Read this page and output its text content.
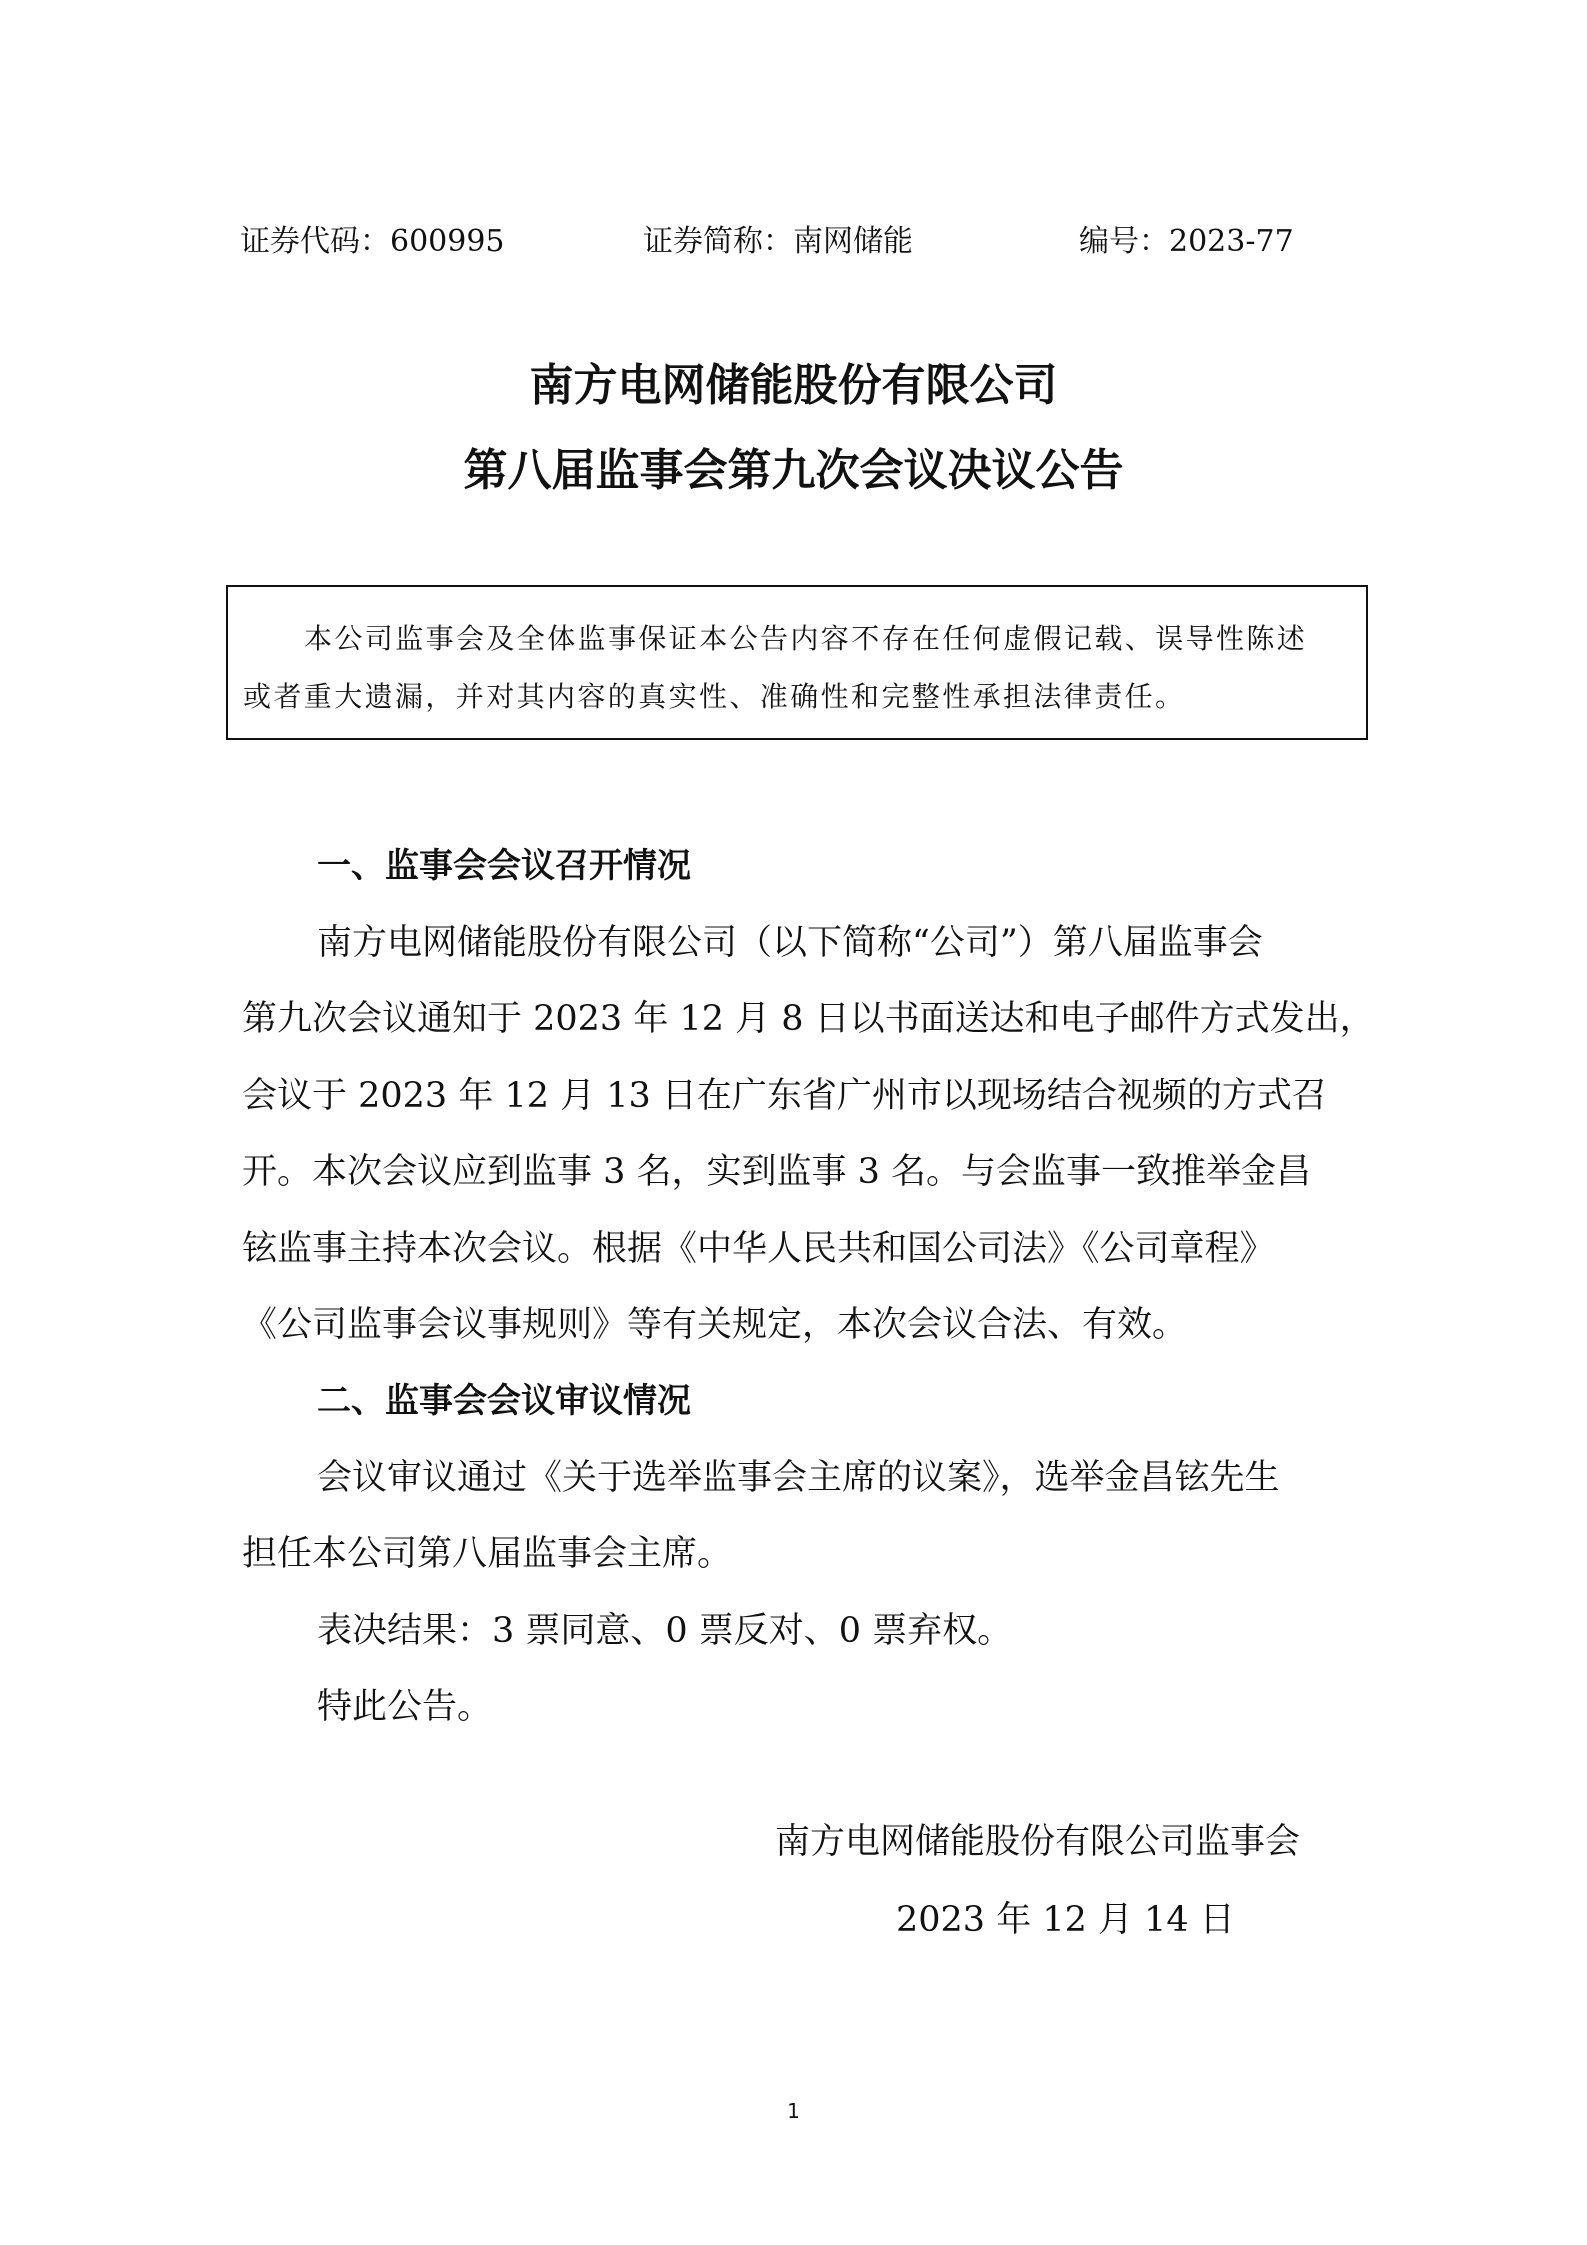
证券代码：600995	证券简称：南网储能	编号：2023-77
南方电网储能股份有限公司
第八届监事会第九次会议决议公告
本公司监事会及全体监事保证本公告内容不存在任何虚假记载、误导性陈述
或者重大遗漏，并对其内容的真实性、准确性和完整性承担法律责任。
一、监事会会议召开情况
南方电网储能股份有限公司（以下简称“公司”）第八届监事会
第九次会议通知于 2023 年 12 月 8 日以书面送达和电子邮件方式发出，
会议于 2023 年 12 月 13 日在广东省广州市以现场结合视频的方式召
开。本次会议应到监事 3 名，实到监事 3 名。与会监事一致推举金昌
铉监事主持本次会议。根据《中华人民共和国公司法》《公司章程》
《公司监事会议事规则》等有关规定，本次会议合法、有效。
二、监事会会议审议情况
会议审议通过《关于选举监事会主席的议案》，选举金昌铉先生
担任本公司第八届监事会主席。
表决结果：3 票同意、0 票反对、0 票弃权。
特此公告。
南方电网储能股份有限公司监事会
2023 年 12 月 14 日
1
